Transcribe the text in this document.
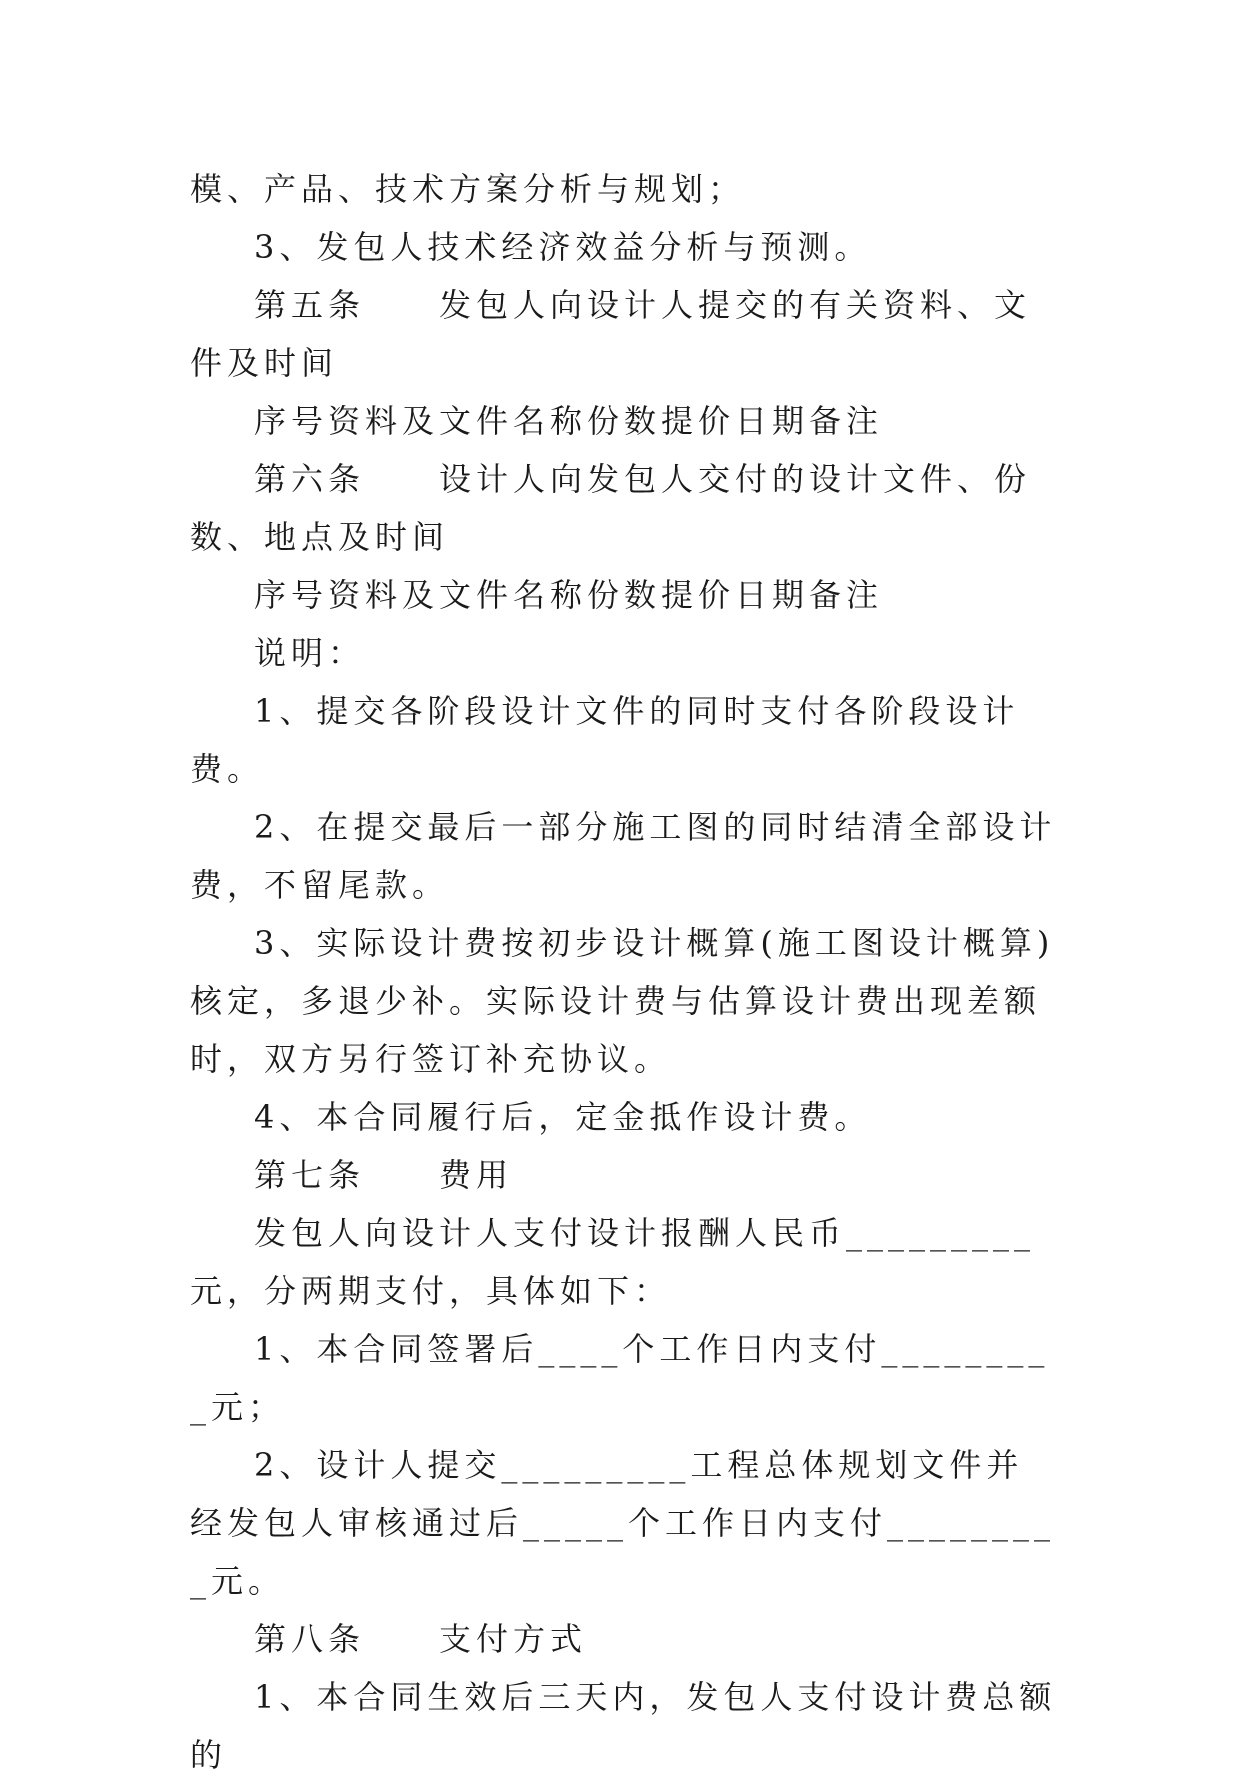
模、产品、技术方案分析与规划；

3、发包人技术经济效益分析与预测。

第五条　　发包人向设计人提交的有关资料、文件及时间

序号资料及文件名称份数提价日期备注

第六条　　设计人向发包人交付的设计文件、份数、地点及时间

序号资料及文件名称份数提价日期备注

说明：

1、提交各阶段设计文件的同时支付各阶段设计费。

2、在提交最后一部分施工图的同时结清全部设计费，不留尾款。

3、实际设计费按初步设计概算(施工图设计概算)核定，多退少补。实际设计费与估算设计费出现差额时，双方另行签订补充协议。

4、本合同履行后，定金抵作设计费。

第七条　　费用

发包人向设计人支付设计报酬人民币_________元，分两期支付，具体如下：

1、本合同签署后____个工作日内支付_________元；

2、设计人提交_________工程总体规划文件并经发包人审核通过后_____个工作日内支付_________元。

第八条　　支付方式

1、本合同生效后三天内，发包人支付设计费总额的
